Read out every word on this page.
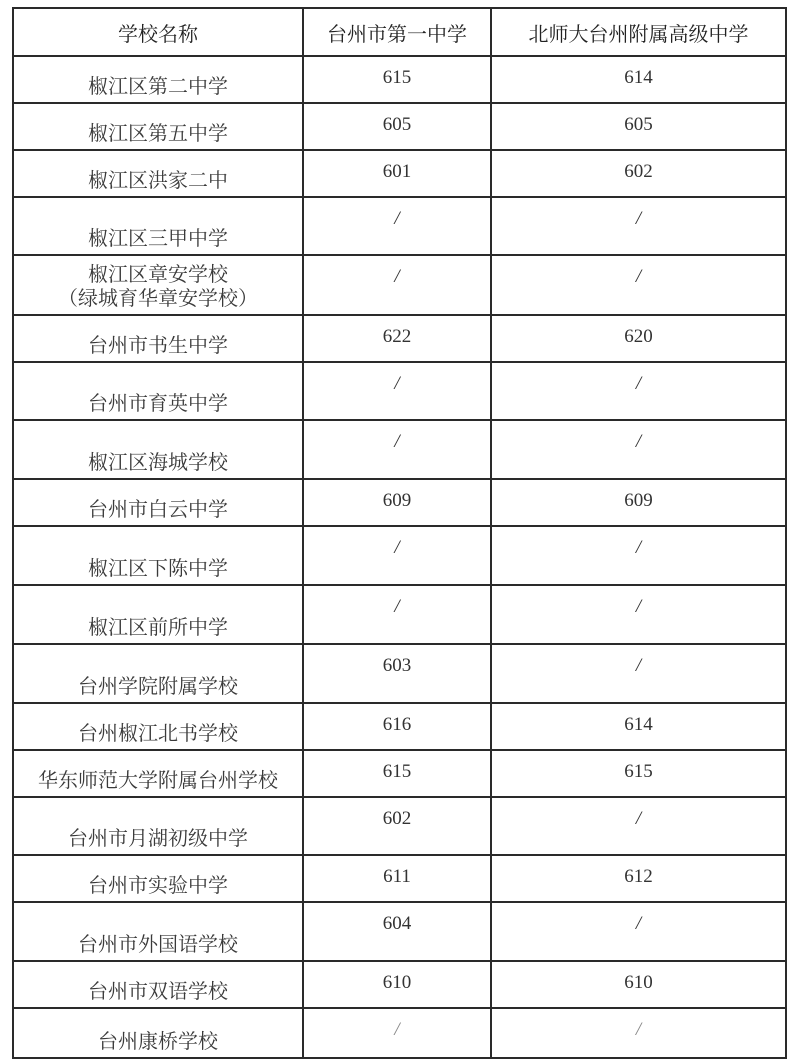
学校名称	台州市第一中学	北师大台州附属高级中学

椒江区第二中学	615	614

椒江区第五中学	605	605

椒江区洪家二中	601	602

椒江区三甲中学	/	/

椒江区章安学校
（绿城育华章安学校）	/	/

台州市书生中学	622	620

台州市育英中学	/	/

椒江区海城学校	/	/

台州市白云中学	609	609

椒江区下陈中学	/	/

椒江区前所中学	/	/

台州学院附属学校	603	/

台州椒江北书学校	616	614

华东师范大学附属台州学校	615	615

台州市月湖初级中学	602	/

台州市实验中学	611	612

台州市外国语学校	604	/

台州市双语学校	610	610

台州康桥学校	/	/
